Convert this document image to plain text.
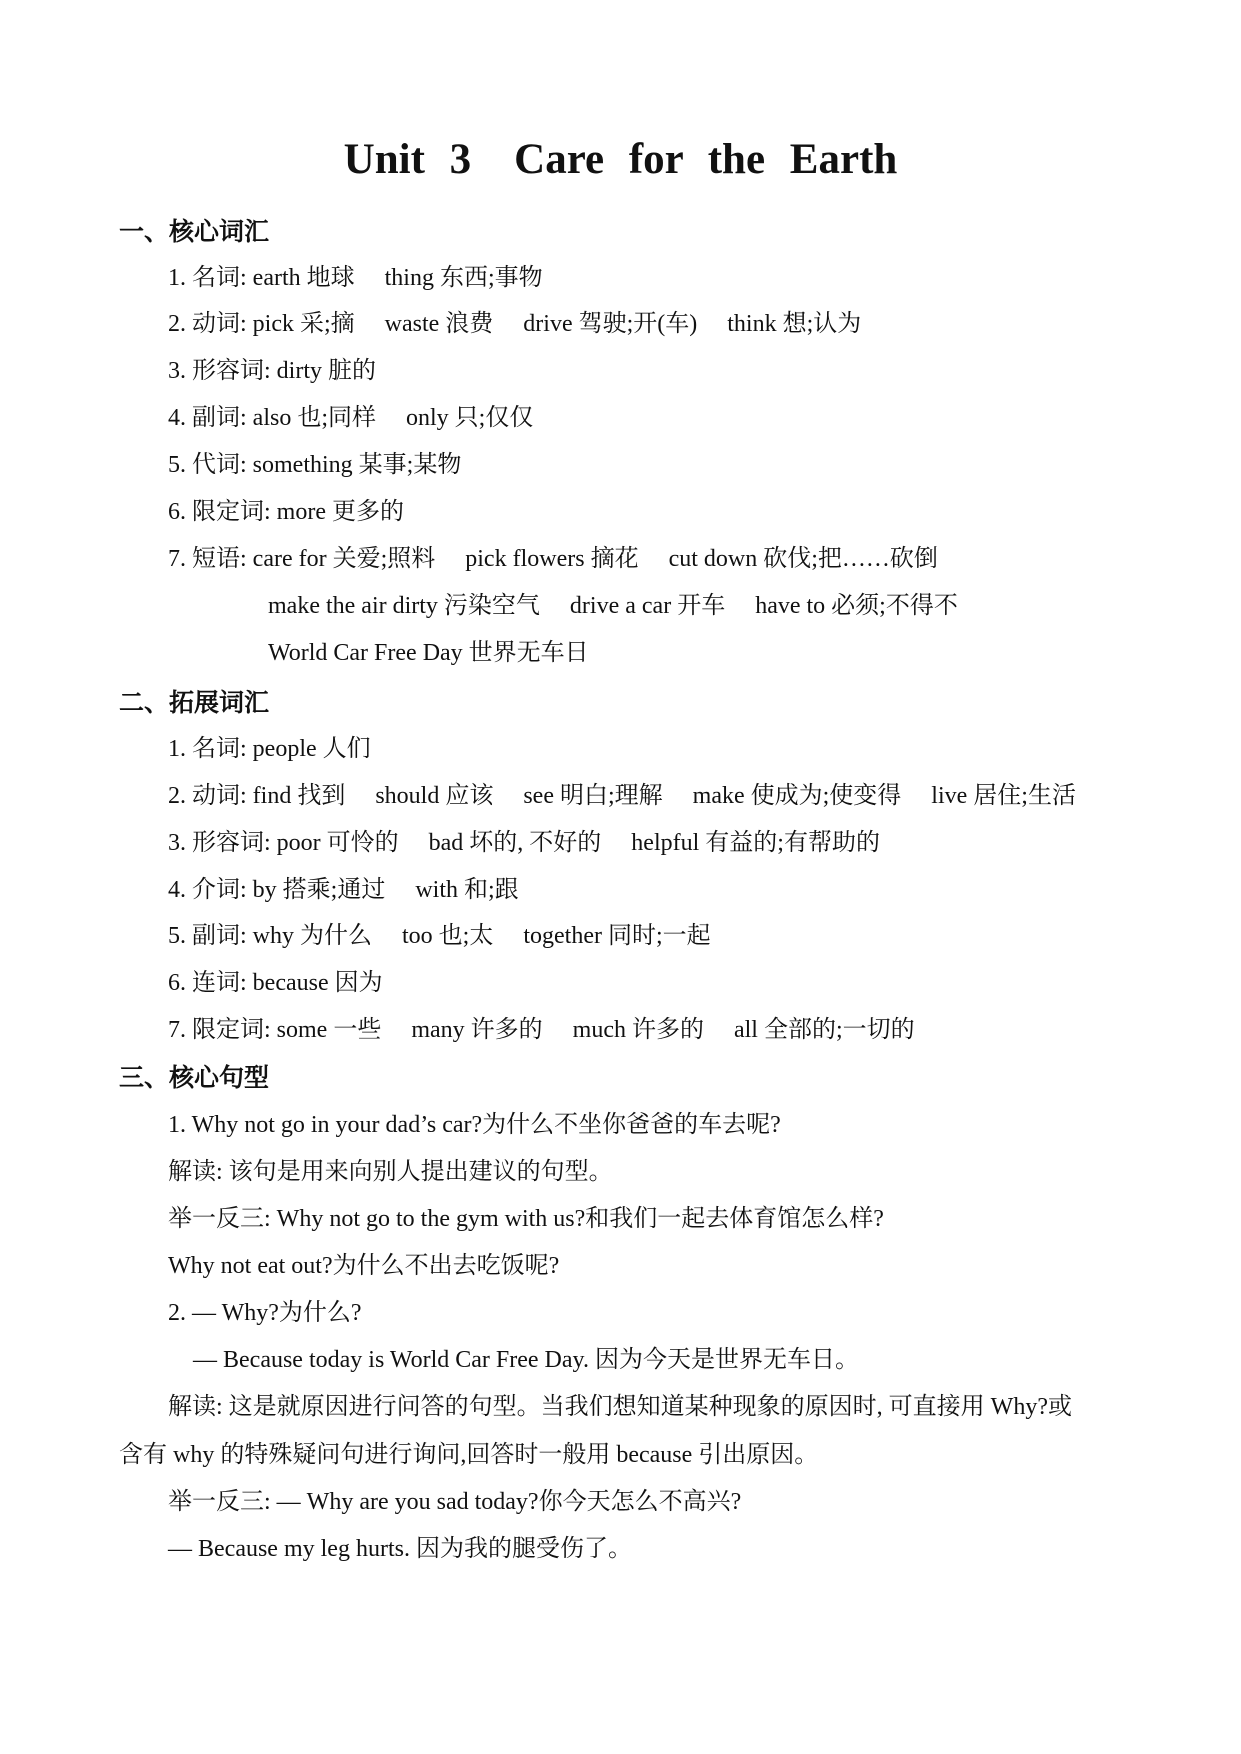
Unit 3 Care for the Earth
一、核心词汇
1. 名词: earth 地球  thing 东西;事物
2. 动词: pick 采;摘  waste 浪费  drive 驾驶;开(车)  think 想;认为
3. 形容词: dirty 脏的
4. 副词: also 也;同样  only 只;仅仅
5. 代词: something 某事;某物
6. 限定词: more 更多的
7. 短语: care for 关爱;照料  pick flowers 摘花  cut down 砍伐;把……砍倒
make the air dirty 污染空气  drive a car 开车  have to 必须;不得不
World Car Free Day 世界无车日
二、拓展词汇
1. 名词: people 人们
2. 动词: find 找到  should 应该  see 明白;理解  make 使成为;使变得  live 居住;生活
3. 形容词: poor 可怜的  bad 坏的, 不好的  helpful 有益的;有帮助的
4. 介词: by 搭乘;通过  with 和;跟
5. 副词: why 为什么  too 也;太  together 同时;一起
6. 连词: because 因为
7. 限定词: some 一些  many 许多的  much 许多的  all 全部的;一切的
三、核心句型
1. Why not go in your dad’s car?为什么不坐你爸爸的车去呢?
解读: 该句是用来向别人提出建议的句型。
举一反三: Why not go to the gym with us?和我们一起去体育馆怎么样?
Why not eat out?为什么不出去吃饭呢?
2. — Why?为什么?
— Because today is World Car Free Day. 因为今天是世界无车日。
解读: 这是就原因进行问答的句型。当我们想知道某种现象的原因时, 可直接用 Why?或
含有 why 的特殊疑问句进行询问,回答时一般用 because 引出原因。
举一反三: — Why are you sad today?你今天怎么不高兴?
— Because my leg hurts. 因为我的腿受伤了。
